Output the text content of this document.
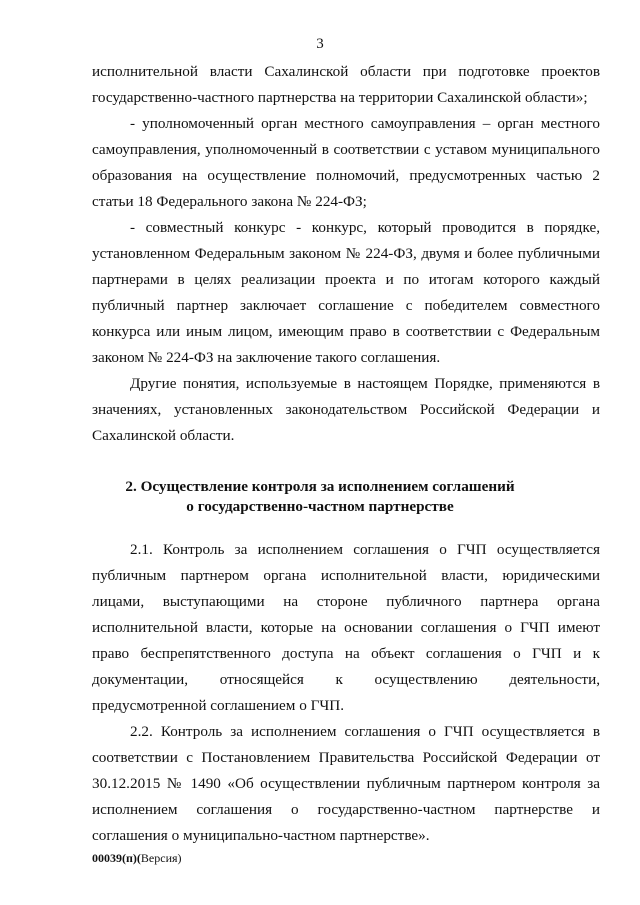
3

исполнительной власти Сахалинской области при подготовке проектов государственно-частного партнерства на территории Сахалинской области»;

- уполномоченный орган местного самоуправления – орган местного самоуправления, уполномоченный в соответствии с уставом муниципального образования на осуществление полномочий, предусмотренных частью 2 статьи 18 Федерального закона № 224-ФЗ;

- совместный конкурс - конкурс, который проводится в порядке, установленном Федеральным законом № 224-ФЗ, двумя и более публичными партнерами в целях реализации проекта и по итогам которого каждый публичный партнер заключает соглашение с победителем совместного конкурса или иным лицом, имеющим право в соответствии с Федеральным законом № 224-ФЗ на заключение такого соглашения.

Другие понятия, используемые в настоящем Порядке, применяются в значениях, установленных законодательством Российской Федерации и Сахалинской области.

2. Осуществление контроля за исполнением соглашений
о государственно-частном партнерстве

2.1. Контроль за исполнением соглашения о ГЧП осуществляется публичным партнером органа исполнительной власти, юридическими лицами, выступающими на стороне публичного партнера органа исполнительной власти, которые на основании соглашения о ГЧП имеют право беспрепятственного доступа на объект соглашения о ГЧП и к документации, относящейся к осуществлению деятельности, предусмотренной соглашением о ГЧП.

2.2. Контроль за исполнением соглашения о ГЧП осуществляется в соответствии с Постановлением Правительства Российской Федерации от 30.12.2015 № 1490 «Об осуществлении публичным партнером контроля за исполнением соглашения о государственно-частном партнерстве и соглашения о муниципально-частном партнерстве».

00039(п)(Версия)
